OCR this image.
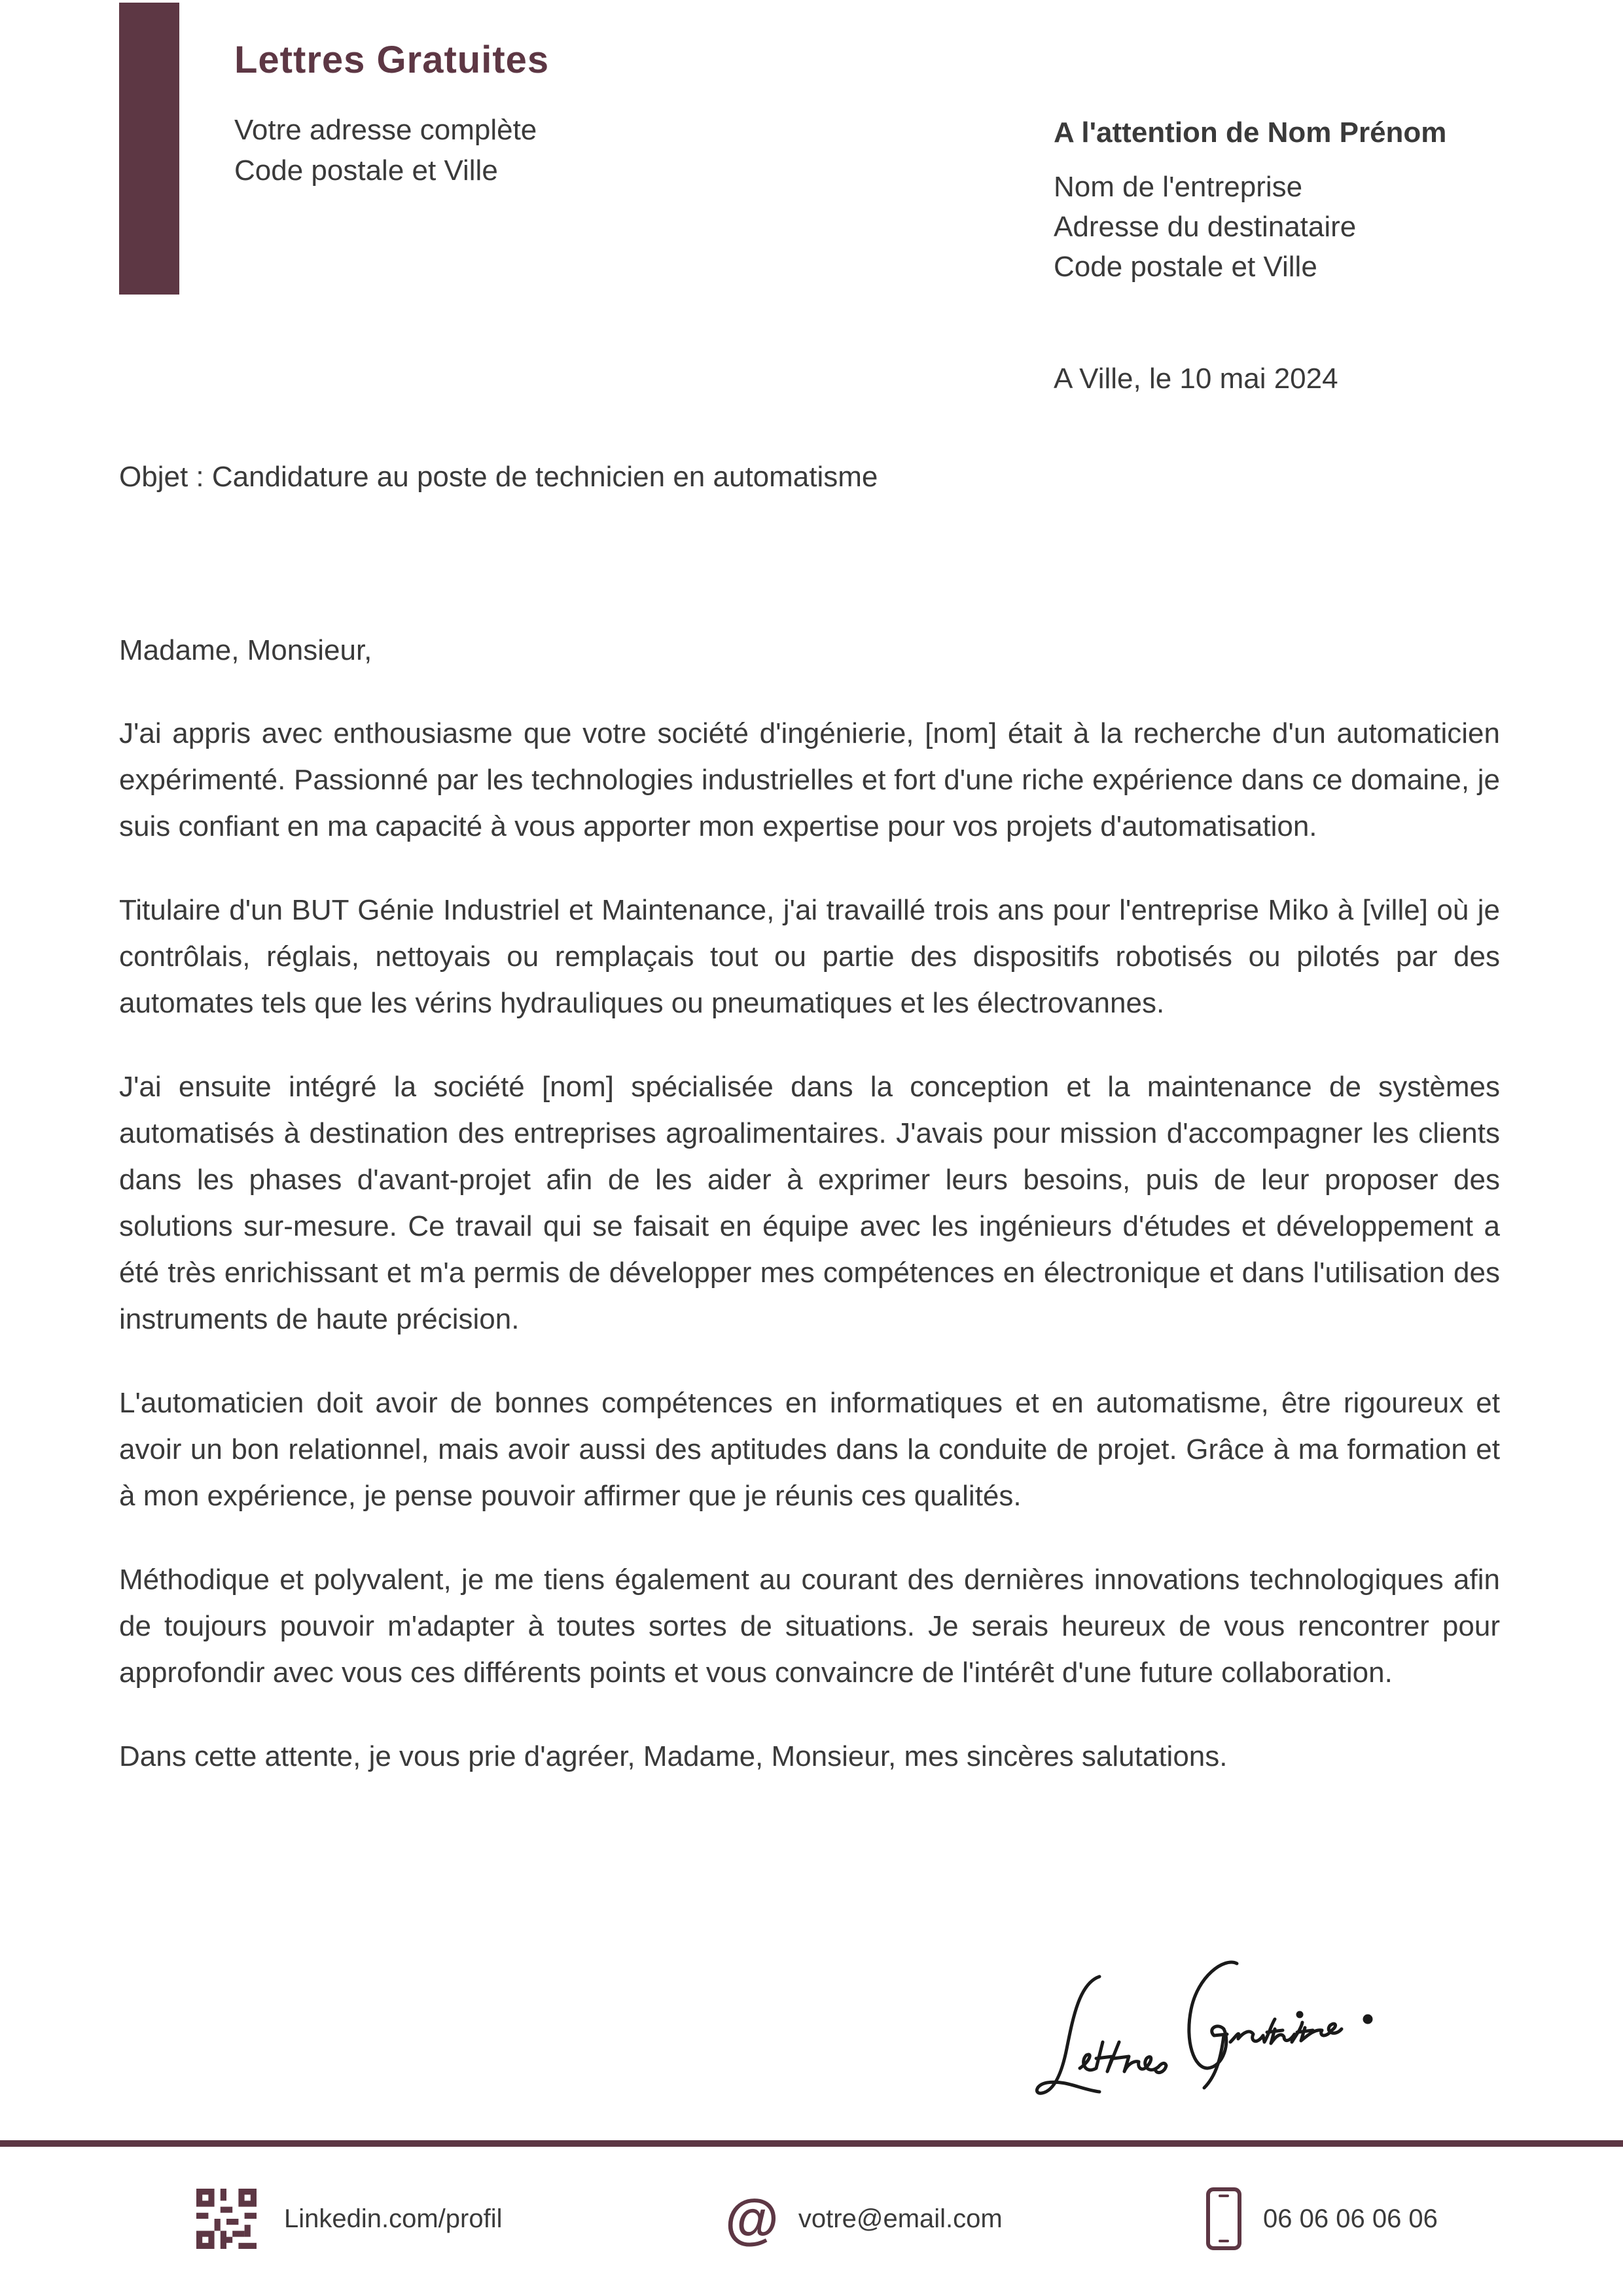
Lettres Gratuites
Votre adresse complète
Code postale et Ville
A l'attention de Nom Prénom
Nom de l'entreprise
Adresse du destinataire
Code postale et Ville
A Ville, le 10 mai 2024
Objet : Candidature au poste de technicien en automatisme

Madame, Monsieur,

J'ai appris avec enthousiasme que votre société d'ingénierie, [nom] était à la recherche d'un automaticien expérimenté. Passionné par les technologies industrielles et fort d'une riche expérience dans ce domaine, je suis confiant en ma capacité à vous apporter mon expertise pour vos projets d'automatisation.

Titulaire d'un BUT Génie Industriel et Maintenance, j'ai travaillé trois ans pour l'entreprise Miko à [ville] où je contrôlais, réglais, nettoyais ou remplaçais tout ou partie des dispositifs robotisés ou pilotés par des automates tels que les vérins hydrauliques ou pneumatiques et les électrovannes.

J'ai ensuite intégré la société [nom] spécialisée dans la conception et la maintenance de systèmes automatisés à destination des entreprises agroalimentaires. J'avais pour mission d'accompagner les clients dans les phases d'avant-projet afin de les aider à exprimer leurs besoins, puis de leur proposer des solutions sur-mesure. Ce travail qui se faisait en équipe avec les ingénieurs d'études et développement a été très enrichissant et m'a permis de développer mes compétences en électronique et dans l'utilisation des instruments de haute précision.

L'automaticien doit avoir de bonnes compétences en informatiques et en automatisme, être rigoureux et avoir un bon relationnel, mais avoir aussi des aptitudes dans la conduite de projet. Grâce à ma formation et à mon expérience, je pense pouvoir affirmer que je réunis ces qualités.

Méthodique et polyvalent, je me tiens également au courant des dernières innovations technologiques afin de toujours pouvoir m'adapter à toutes sortes de situations. Je serais heureux de vous rencontrer pour approfondir avec vous ces différents points et vous convaincre de l'intérêt d'une future collaboration.

Dans cette attente, je vous prie d'agréer, Madame, Monsieur, mes sincères salutations.

Linkedin.com/profil	@ votre@email.com	06 06 06 06 06
